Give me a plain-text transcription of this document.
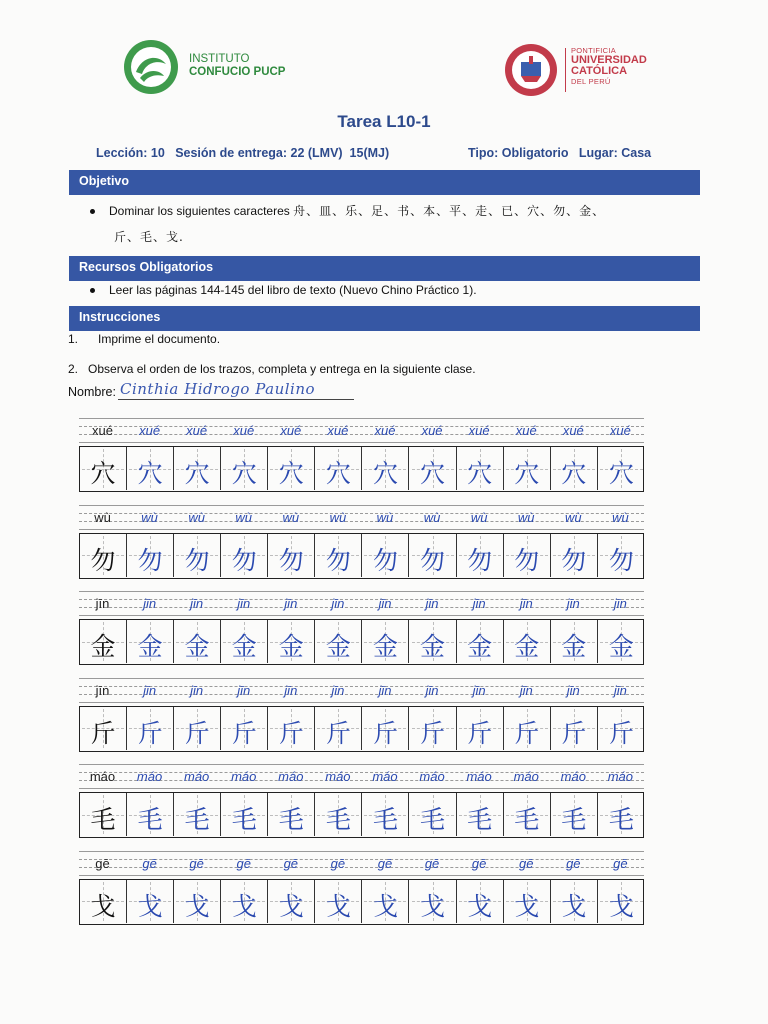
INSTITUTO
CONFUCIO PUCP
PONTIFICIA
UNIVERSIDAD
CATÓLICA
DEL PERÚ
Tarea L10-1
Lección: 10   Sesión de entrega: 22 (LMV)  15(MJ)	Tipo: Obligatorio   Lugar: Casa
Objetivo
Dominar los siguientes caracteres 舟、皿、乐、足、书、本、平、走、已、穴、勿、金、
斤、毛、戈.
Recursos Obligatorios
Leer las páginas 144-145 del libro de texto (Nuevo Chino Práctico 1).
Instrucciones
1.      Imprime el documento.
2.   Observa el orden de los trazos, completa y entrega en la siguiente clase.
Nombre: Cinthia Hidrogo Paulino
xué	xué	xué	xué	xué	xué	xué	xué	xué	xué	xué	xué
穴 穴 穴 穴 穴 穴 穴 穴 穴 穴 穴 穴
wù	wù	wù	wù	wù	wù	wù	wù	wù	wù	wù	wù
勿 勿 勿 勿 勿 勿 勿 勿 勿 勿 勿 勿
jīn	jīn	jīn	jīn	jīn	jīn	jīn	jīn	jīn	jīn	jīn	jīn
金 金 金 金 金 金 金 金 金 金 金 金
jīn	jīn	jīn	jīn	jīn	jīn	jīn	jīn	jīn	jīn	jīn	jīn
斤 斤 斤 斤 斤 斤 斤 斤 斤 斤 斤 斤
máo	máo	máo	máo	máo	máo	máo	máo	máo	máo	máo	máo
毛 毛 毛 毛 毛 毛 毛 毛 毛 毛 毛 毛
gē	gē	gē	gē	gē	gē	gē	gē	gē	gē	gē	gē
戈 戈 戈 戈 戈 戈 戈 戈 戈 戈 戈 戈
